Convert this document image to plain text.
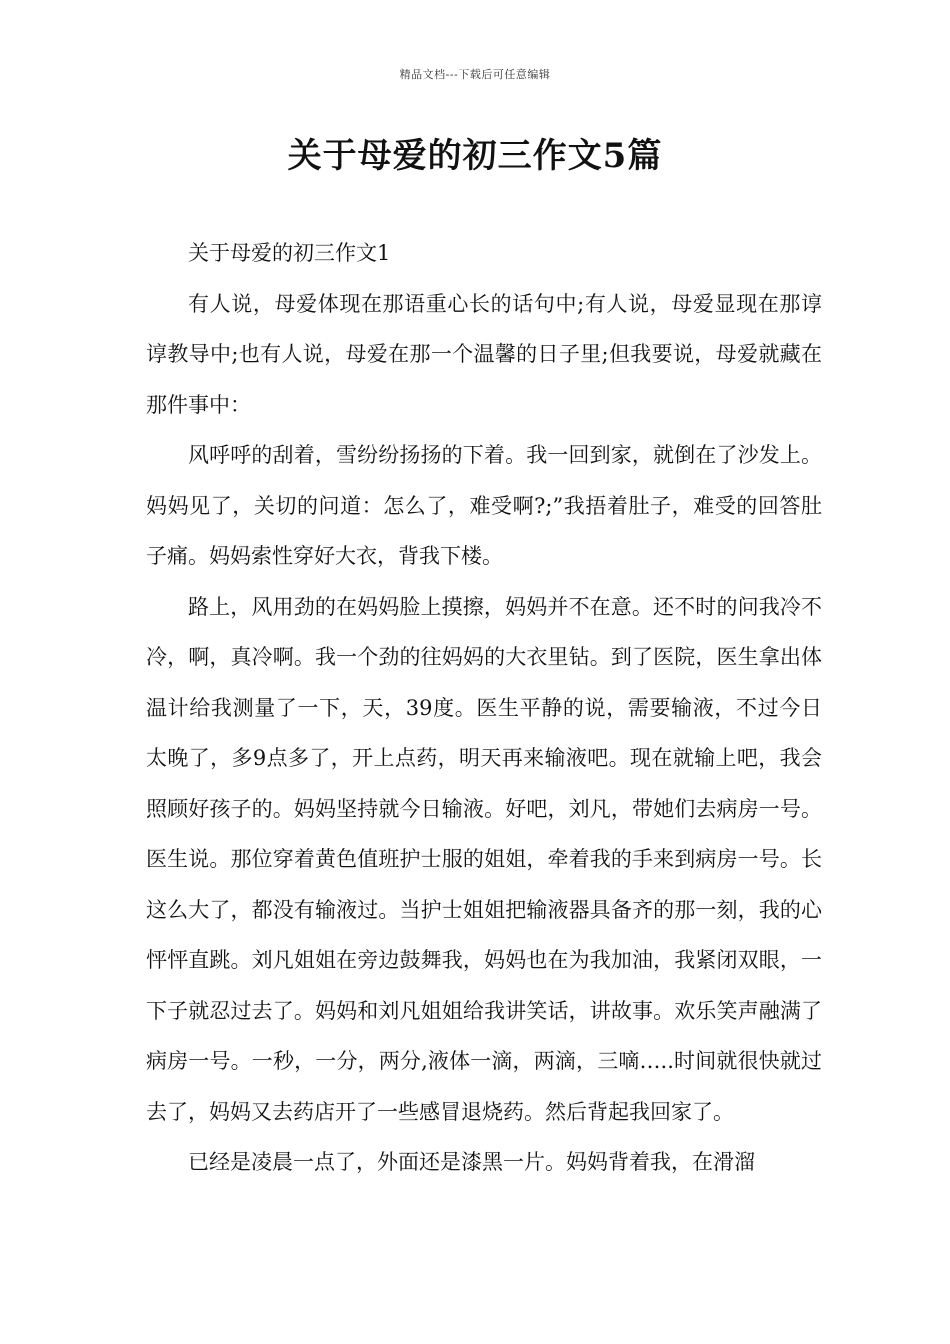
精品文档---下载后可任意编辑
关于母爱的初三作文5篇

关于母爱的初三作文1

有人说，母爱体现在那语重心长的话句中;有人说，母爱显现在那谆谆教导中;也有人说，母爱在那一个温馨的日子里;但我要说，母爱就藏在那件事中：

风呼呼的刮着，雪纷纷扬扬的下着。我一回到家，就倒在了沙发上。妈妈见了，关切的问道：怎么了，难受啊?;”我捂着肚子，难受的回答肚子痛。妈妈索性穿好大衣，背我下楼。

路上，风用劲的在妈妈脸上摸擦，妈妈并不在意。还不时的问我冷不冷，啊，真冷啊。我一个劲的往妈妈的大衣里钻。到了医院，医生拿出体温计给我测量了一下，天，39度。医生平静的说，需要输液，不过今日太晚了，多9点多了，开上点药，明天再来输液吧。现在就输上吧，我会照顾好孩子的。妈妈坚持就今日输液。好吧，刘凡，带她们去病房一号。医生说。那位穿着黄色值班护士服的姐姐，牵着我的手来到病房一号。长这么大了，都没有输液过。当护士姐姐把输液器具备齐的那一刻，我的心怦怦直跳。刘凡姐姐在旁边鼓舞我，妈妈也在为我加油，我紧闭双眼，一下子就忍过去了。妈妈和刘凡姐姐给我讲笑话，讲故事。欢乐笑声融满了病房一号。一秒，一分，两分,液体一滴，两滴，三嘀…..时间就很快就过去了，妈妈又去药店开了一些感冒退烧药。然后背起我回家了。

已经是凌晨一点了，外面还是漆黑一片。妈妈背着我，在滑溜
